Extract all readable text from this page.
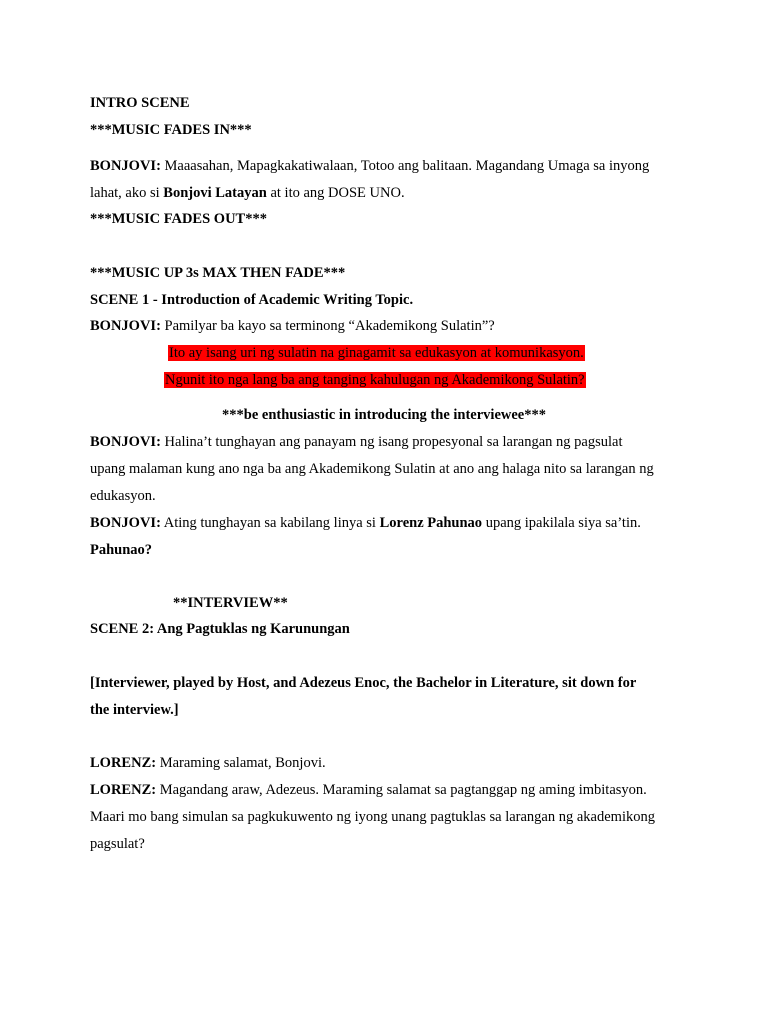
INTRO SCENE
***MUSIC FADES IN***
BONJOVI: Maaasahan, Mapagkakatiwalaan, Totoo ang balitaan. Magandang Umaga sa inyong
lahat, ako si Bonjovi Latayan at ito ang DOSE UNO.
***MUSIC FADES OUT***
***MUSIC UP 3s MAX THEN FADE***
SCENE 1 - Introduction of Academic Writing Topic.
BONJOVI: Pamilyar ba kayo sa terminong “Akademikong Sulatin”?
Ito ay isang uri ng sulatin na ginagamit sa edukasyon at komunikasyon.
Ngunit ito nga lang ba ang tanging kahulugan ng Akademikong Sulatin?
***be enthusiastic in introducing the interviewee***
BONJOVI: Halina’t tunghayan ang panayam ng isang propesyonal sa larangan ng pagsulat
upang malaman kung ano nga ba ang Akademikong Sulatin at ano ang halaga nito sa larangan ng
edukasyon.
BONJOVI: Ating tunghayan sa kabilang linya si Lorenz Pahunao upang ipakilala siya sa’tin.
Pahunao?
**INTERVIEW**
SCENE 2: Ang Pagtuklas ng Karunungan
[Interviewer, played by Host, and Adezeus Enoc, the Bachelor in Literature, sit down for
the interview.]
LORENZ: Maraming salamat, Bonjovi.
LORENZ: Magandang araw, Adezeus. Maraming salamat sa pagtanggap ng aming imbitasyon.
Maari mo bang simulan sa pagkukuwento ng iyong unang pagtuklas sa larangan ng akademikong
pagsulat?
